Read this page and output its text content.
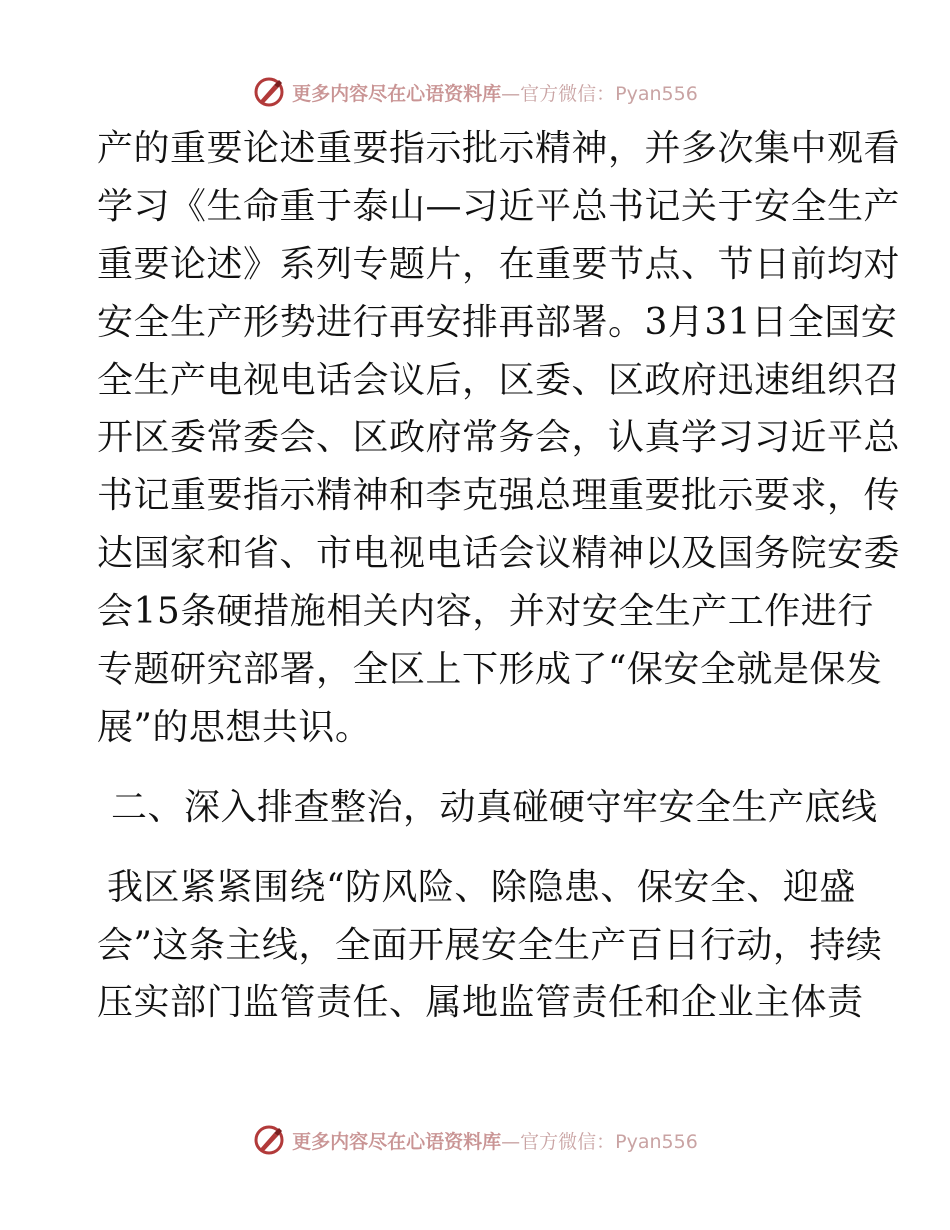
更多内容尽在心语资料库—官方微信：Pyan556
产的重要论述重要指示批示精神，并多次集中观看
学习《生命重于泰山—习近平总书记关于安全生产
重要论述》系列专题片，在重要节点、节日前均对
安全生产形势进行再安排再部署。3月31日全国安
全生产电视电话会议后，区委、区政府迅速组织召
开区委常委会、区政府常务会，认真学习习近平总
书记重要指示精神和李克强总理重要批示要求，传
达国家和省、市电视电话会议精神以及国务院安委
会15条硬措施相关内容，并对安全生产工作进行
专题研究部署，全区上下形成了“保安全就是保发
展”的思想共识。
二、深入排查整治，动真碰硬守牢安全生产底线
我区紧紧围绕“防风险、除隐患、保安全、迎盛
会”这条主线，全面开展安全生产百日行动，持续
压实部门监管责任、属地监管责任和企业主体责
更多内容尽在心语资料库—官方微信：Pyan556
